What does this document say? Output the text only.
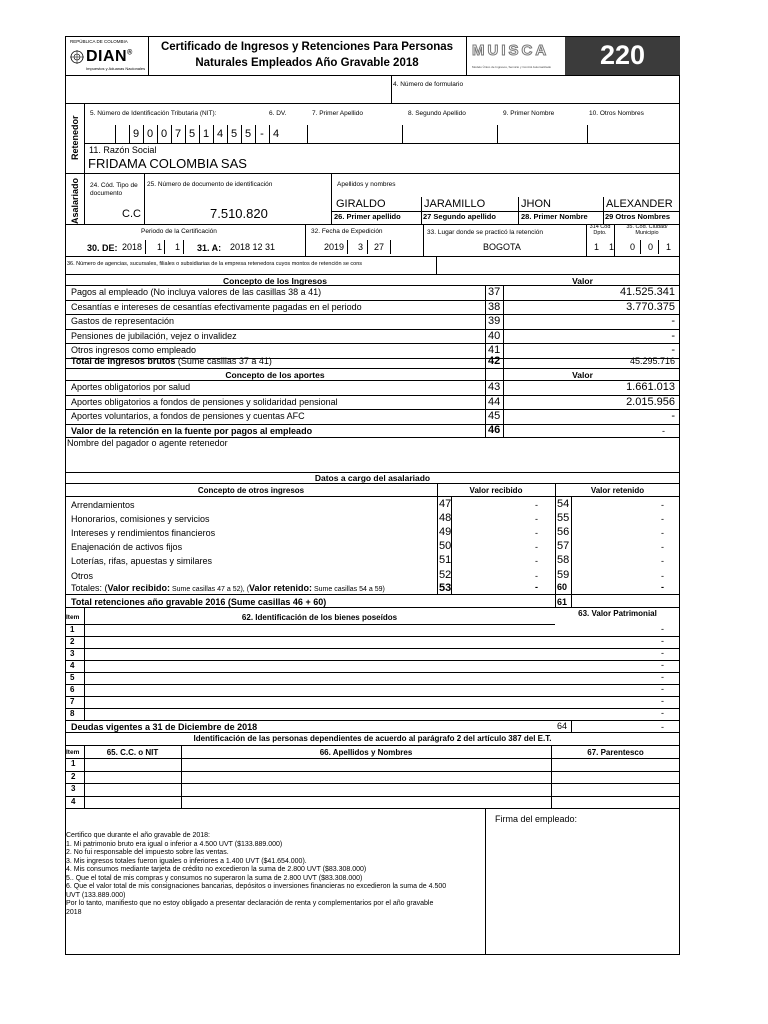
REPÚBLICA DE COLOMBIA
DIAN®
Impuestos y Aduanas Nacionales
Certificado de Ingresos y Retenciones Para Personas
Naturales Empleados Año Gravable 2018
MUISCA
Modelo Único de Ingresos, Servicio y Control Automatizado	220
4. Número de formulario
Retenedor
5. Número de Identificación Tributaria (NIT):	6. DV.	7. Primer Apellido	8. Segundo Apellido	9. Primer Nombre	10. Otros Nombres
9 0 0 7 5 1 4 5 5 - 4
11. Razón Social
FRIDAMA COLOMBIA SAS
Asalariado 24. Cód. Tipo de documento
25. Número de documento de identificación	Apellidos y nombres
C.C	7.510.820
GIRALDO	JARAMILLO	JHON	ALEXANDER
26. Primer apellido	27 Segundo apellido	28. Primer Nombre 29 Otros Nombres
Periodo de la Certificación	32. Fecha de Expedición	33. Lugar donde se practicó la retención
314 Cód Dpto.
35. Cód. Ciudad/ Municipio
30. DE: 2018 1 1 31. A: 2018 12 31	2019 3 27	BOGOTA	1 1 0 0 1
36. Número de agencias, sucursales, filiales o subsidiarias de la empresa retenedora cuyos montos de retención se cons
Concepto de los Ingresos	Valor
Pagos al empleado (No incluya valores de las casillas 38 a 41)	37	41.525.341
Cesantías e intereses de cesantías efectivamente pagadas en el periodo	38	3.770.375
Gastos de representación	39	-
Pensiones de jubilación, vejez o invalidez	40	-
Otros ingresos como empleado	41	-
Total de ingresos brutos (Sume casillas 37 a 41)	42	45.295.716
Concepto de los aportes	Valor
Aportes obligatorios por salud	43	1.661.013
Aportes obligatorios a fondos de pensiones y solidaridad pensional	44	2.015.956
Aportes voluntarios, a fondos de pensiones y cuentas AFC	45	-
Valor de la retención en la fuente por pagos al empleado	46	-
Nombre del pagador o agente retenedor
Datos a cargo del asalariado
Concepto de otros ingresos	Valor recibido	Valor retenido
Arrendamientos	47	- 54	-
Honorarios, comisiones y servicios	48	- 55	-
Intereses y rendimientos financieros	49	- 56	-
Enajenación de activos fijos	50	- 57	-
Loterías, rifas, apuestas y similares	51	- 58	-
Otros	52	- 59	-
Totales: (Valor recibido: Sume casillas 47 a 52), (Valor retenido: Sume casillas 54 a 59)	53	- 60	-
Total retenciones año gravable 2016 (Sume casillas 46 + 60)	61
Item	62. Identificación de los bienes poseídos	63. Valor Patrimonial
1	-
2	-
3	-
4	-
5	-
6	-
7	-
8	-
Deudas vigentes a 31 de Diciembre de 2018	64	-
Identificación de las personas dependientes de acuerdo al parágrafo 2 del artículo 387 del E.T.
Item	65. C.C. o NIT	66. Apellidos y Nombres	67. Parentesco
1
2
3
4
Certifico que durante el año gravable de 2018:
1. Mi patrimonio bruto era igual o inferior a 4.500 UVT ($133.889.000)
2. No fui responsable del impuesto sobre las ventas.
3. Mis ingresos totales fueron iguales o inferiores a 1.400 UVT ($41.654.000).
4. Mis consumos mediante tarjeta de crédito no excedieron la suma de 2.800 UVT ($83.308.000)
5.. Que el total de mis compras y consumos no superaron la suma de 2.800 UVT ($83.308.000)
6. Que el valor total de mis consignaciones bancarias, depósitos o inversiones financieras no excedieron la suma de 4.500
UVT (133.889.000)
Por lo tanto, manifiesto que no estoy obligado a presentar declaración de renta y complementarios por el año gravable
2018
Firma del empleado:
